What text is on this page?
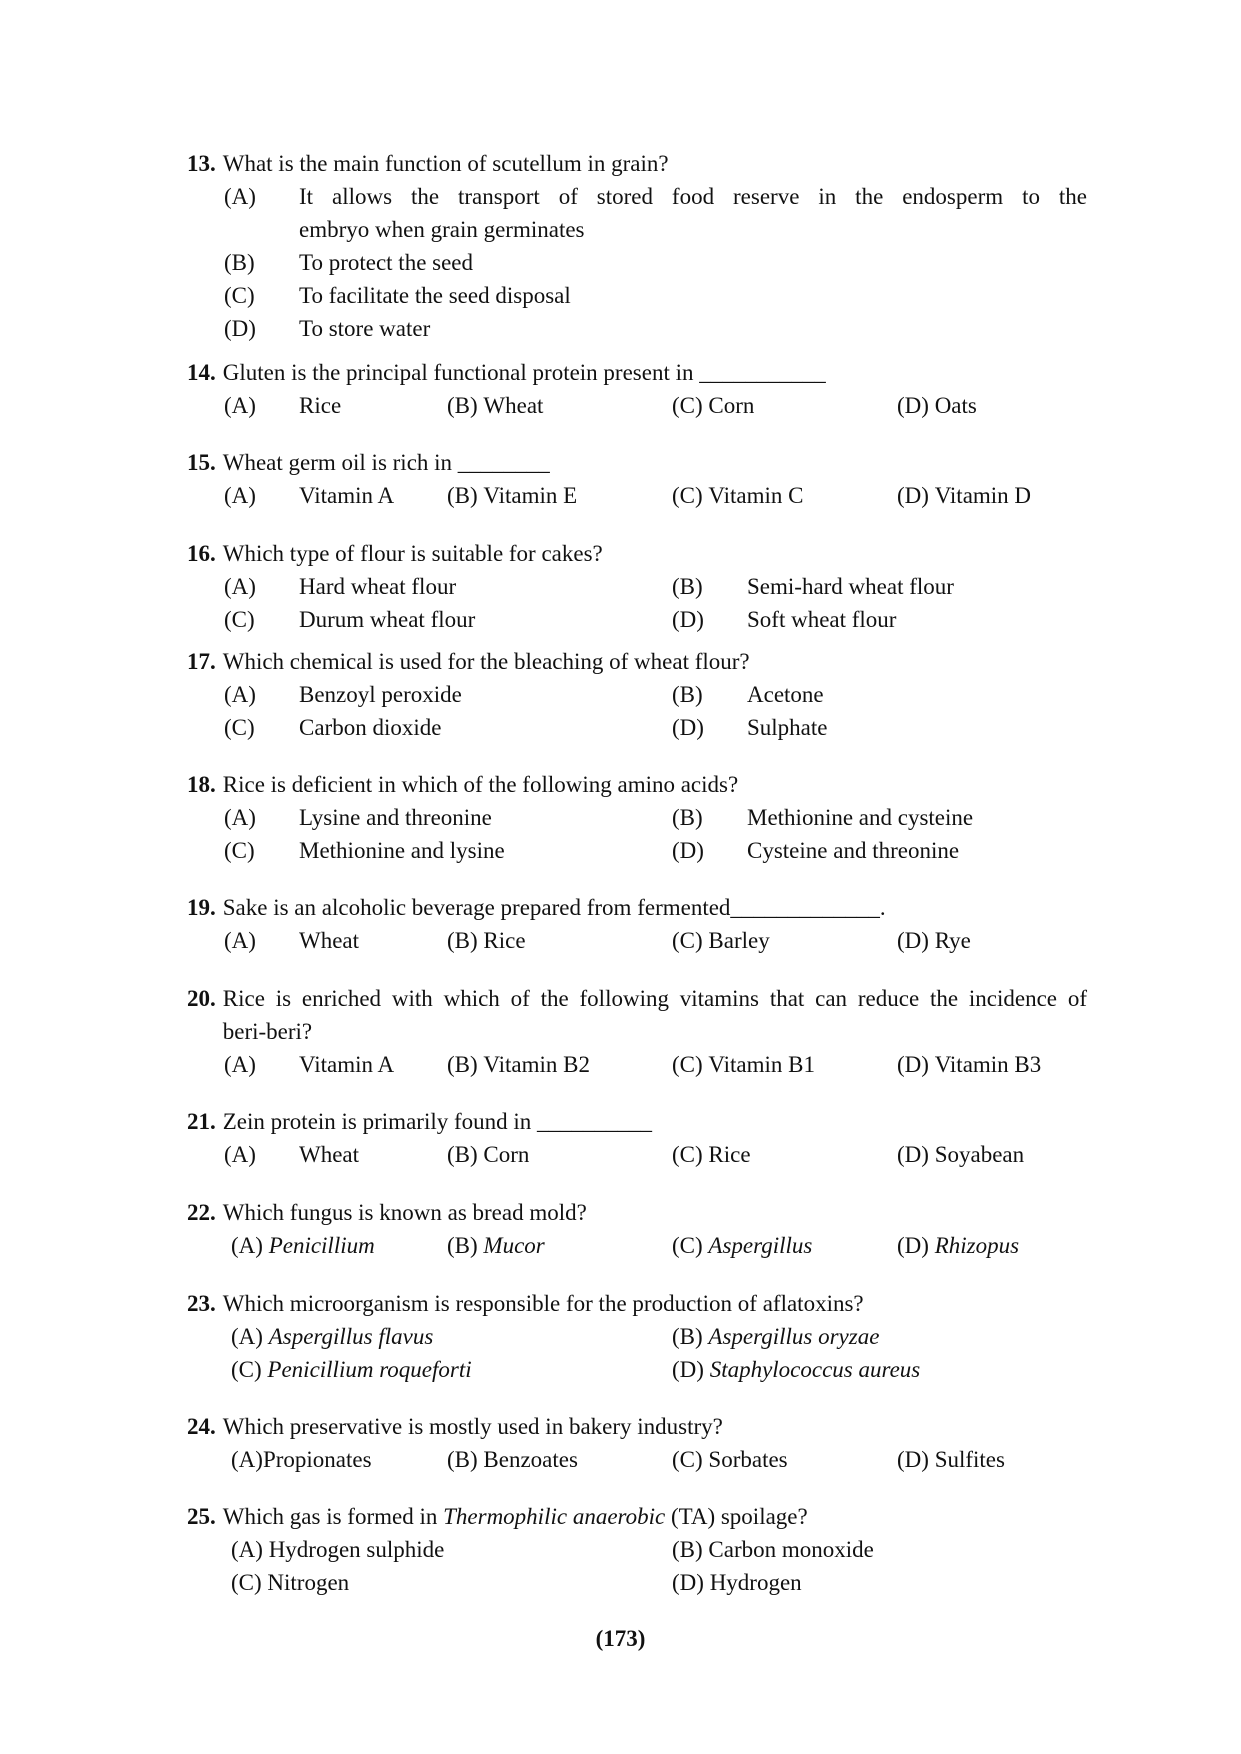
13. What is the main function of scutellum in grain?
(A)	It allows the transport of stored food reserve in the endosperm to the
embryo when grain germinates
(B)	To protect the seed
(C)	To facilitate the seed disposal
(D)	To store water
14. Gluten is the principal functional protein present in ___________
(A) Rice	(B) Wheat	(C) Corn	(D) Oats
15. Wheat germ oil is rich in ________
(A) Vitamin A (B) Vitamin E	(C) Vitamin C	(D) Vitamin D
16. Which type of flour is suitable for cakes?
(A) Hard wheat flour	(B) Semi-hard wheat flour
(C) Durum wheat flour	(D) Soft wheat flour
17. Which chemical is used for the bleaching of wheat flour?
(A) Benzoyl peroxide	(B) Acetone
(C) Carbon dioxide	(D) Sulphate
18. Rice is deficient in which of the following amino acids?
(A) Lysine and threonine	(B) Methionine and cysteine
(C) Methionine and lysine	(D) Cysteine and threonine
19. Sake is an alcoholic beverage prepared from fermented_____________.
(A) Wheat	(B) Rice	(C) Barley	(D) Rye
20. Rice is enriched with which of the following vitamins that can reduce the incidence of
beri-beri?
(A) Vitamin A (B) Vitamin B2	(C) Vitamin B1	(D) Vitamin B3
21. Zein protein is primarily found in __________
(A) Wheat	(B) Corn	(C) Rice	(D) Soyabean
22. Which fungus is known as bread mold?
(A) Penicillium	(B) Mucor	(C) Aspergillus	(D) Rhizopus
23. Which microorganism is responsible for the production of aflatoxins?
(A) Aspergillus flavus	(B) Aspergillus oryzae
(C) Penicillium roqueforti	(D) Staphylococcus aureus
24. Which preservative is mostly used in bakery industry?
(A)Propionates	(B) Benzoates	(C) Sorbates	(D) Sulfites
25. Which gas is formed in Thermophilic anaerobic (TA) spoilage?
(A) Hydrogen sulphide	(B) Carbon monoxide
(C) Nitrogen	(D) Hydrogen
(173)
